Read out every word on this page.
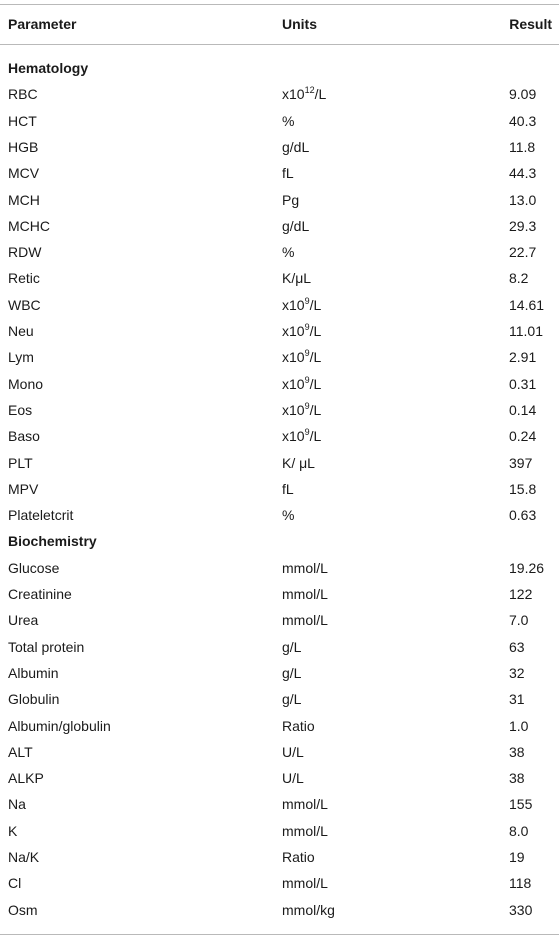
Parameter	Units	Result
Hematology
RBC	$x10^{12}/L$	9.09
HCT	%	40.3
HGB	g/dL	11.8
MCV	fL	44.3
MCH	Pg	13.0
MCHC	g/dL	29.3
RDW	%	22.7
Retic	K/μL	8.2
WBC	$x10^9/L$	14.61
Neu	$x10^9/L$	11.01
Lym	$x10^9/L$	2.91
Mono	$x10^9/L$	0.31
Eos	$x10^9/L$	0.14
Baso	$x10^9/L$	0.24
PLT	K/ μL	397
MPV	fL	15.8
Plateletcrit	%	0.63
Biochemistry
Glucose	mmol/L	19.26
Creatinine	mmol/L	122
Urea	mmol/L	7.0
Total protein	g/L	63
Albumin	g/L	32
Globulin	g/L	31
Albumin/globulin	Ratio	1.0
ALT	U/L	38
ALKP	U/L	38
Na	mmol/L	155
K	mmol/L	8.0
Na/K	Ratio	19
Cl	mmol/L	118
Osm	mmol/kg	330
